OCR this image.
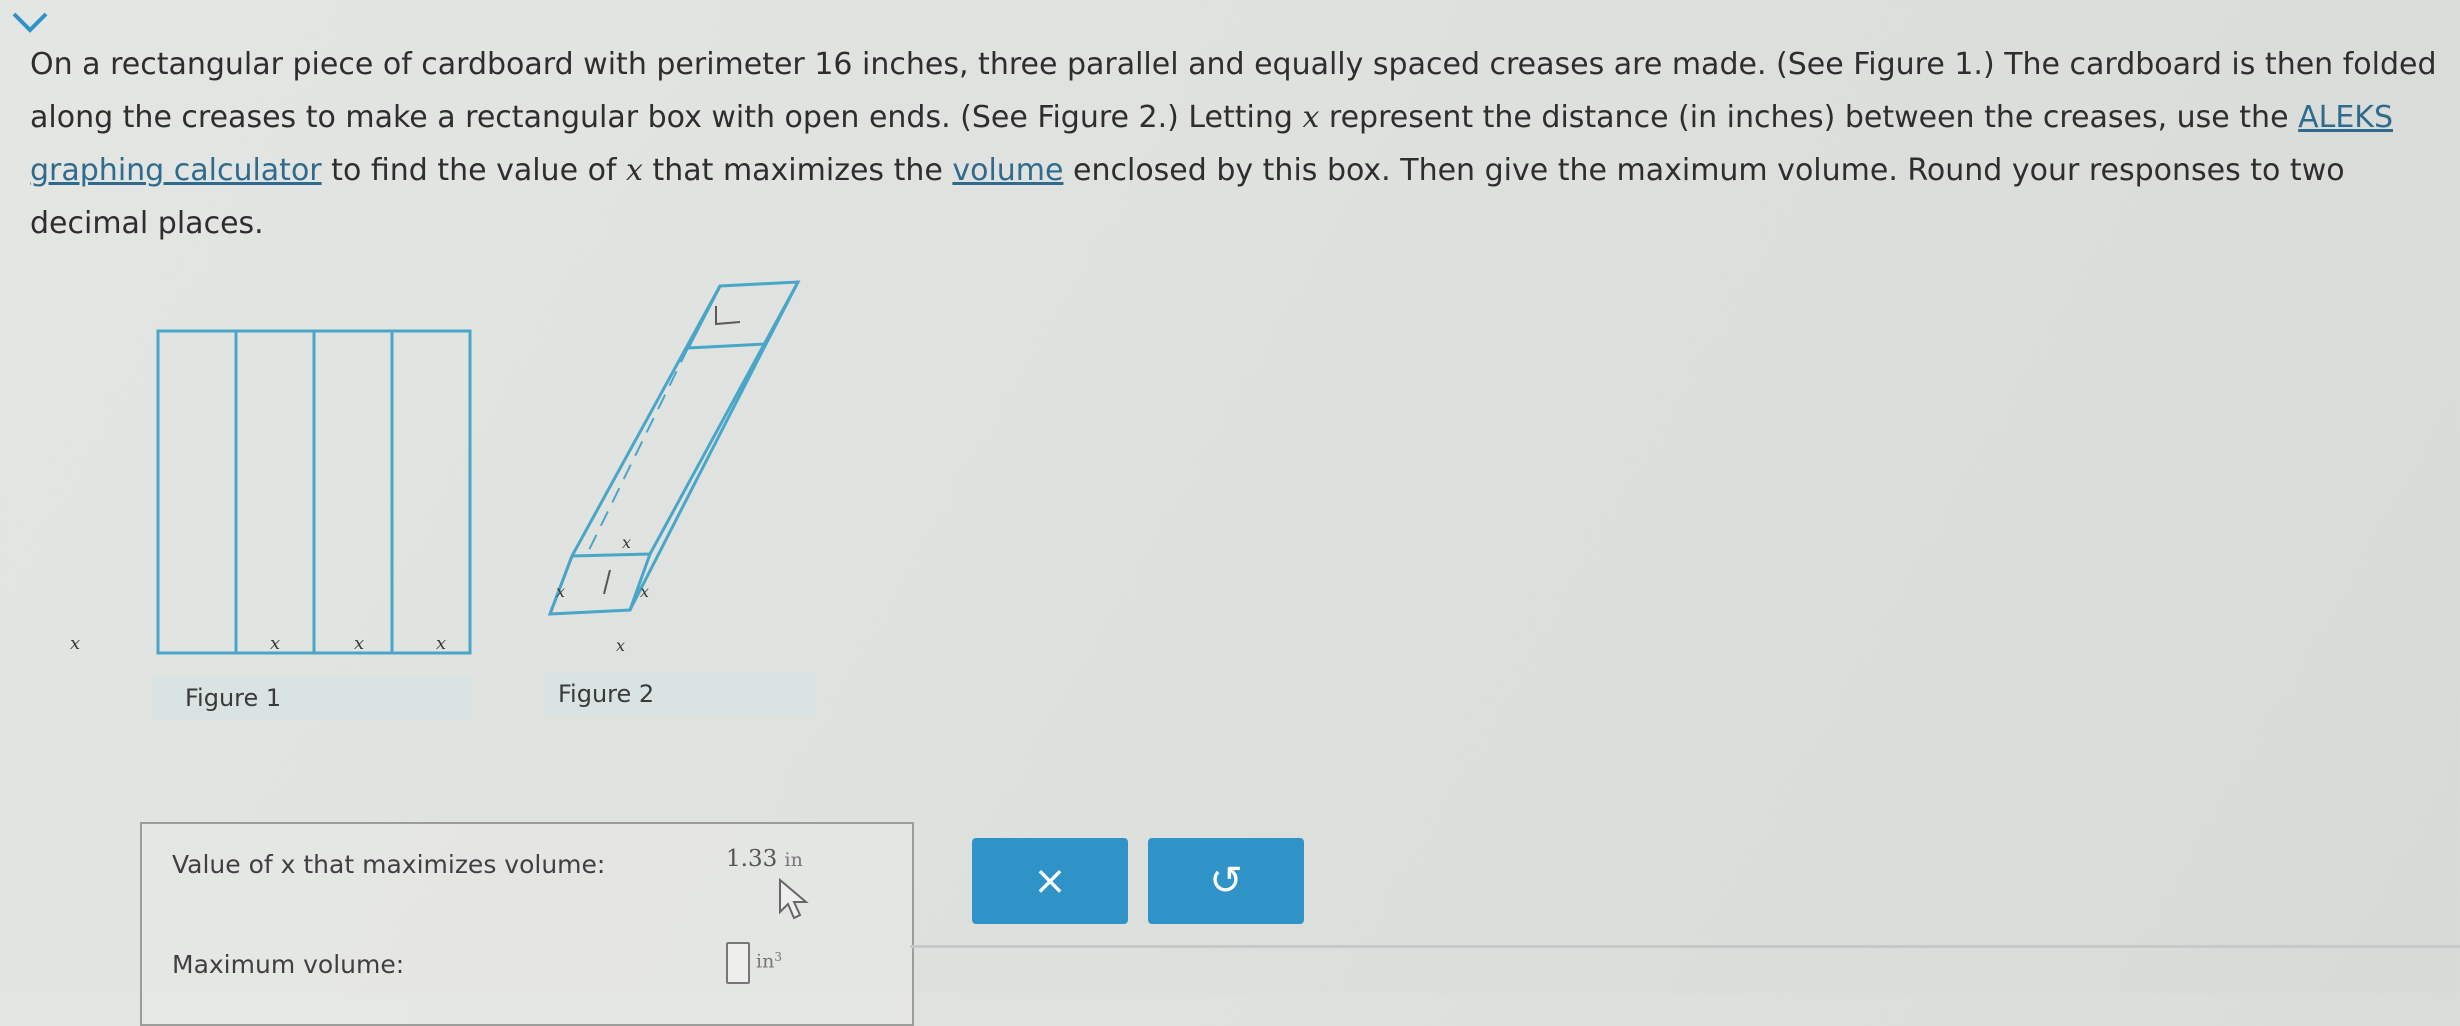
On a rectangular piece of cardboard with perimeter 16 inches, three parallel and equally spaced creases are made. (See Figure 1.) The cardboard is then folded along the creases to make a rectangular box with open ends. (See Figure 2.) Letting x represent the distance (in inches) between the creases, use the ALEKS graphing calculator to find the value of x that maximizes the volume enclosed by this box. Then give the maximum volume. Round your responses to two decimal places.
x	x	x	x
Figure 1
x
x	x
x
Figure 2
Value of x that maximizes volume:	1.33 in
Maximum volume:	$in^3$
×	↺
